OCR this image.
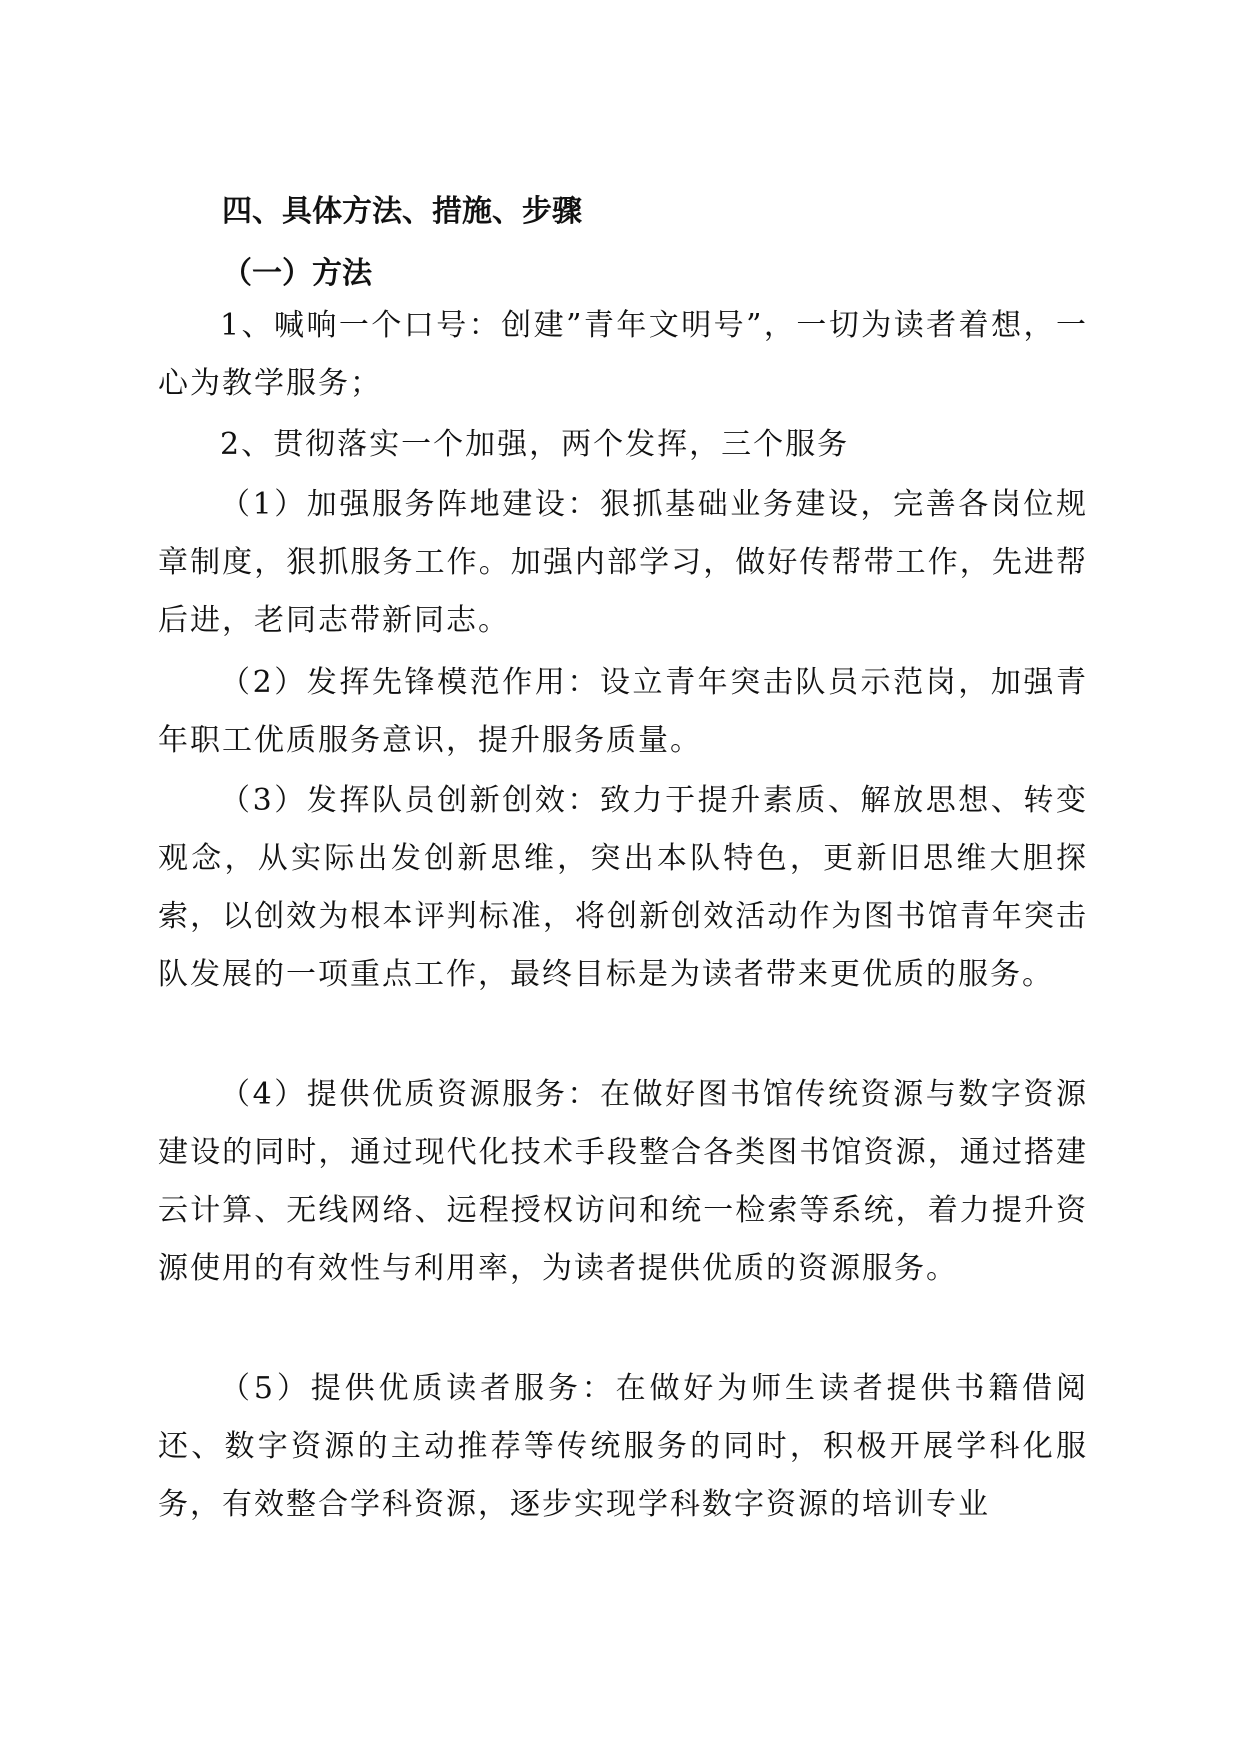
四、具体方法、措施、步骤
（一）方法

1、喊响一个口号：创建”青年文明号”，一切为读者着想，一心为教学服务；

2、贯彻落实一个加强，两个发挥，三个服务

（1）加强服务阵地建设：狠抓基础业务建设，完善各岗位规章制度，狠抓服务工作。加强内部学习，做好传帮带工作，先进帮后进，老同志带新同志。

（2）发挥先锋模范作用：设立青年突击队员示范岗，加强青年职工优质服务意识，提升服务质量。

（3）发挥队员创新创效：致力于提升素质、解放思想、转变观念，从实际出发创新思维，突出本队特色，更新旧思维大胆探索，以创效为根本评判标准，将创新创效活动作为图书馆青年突击队发展的一项重点工作，最终目标是为读者带来更优质的服务。

（4）提供优质资源服务：在做好图书馆传统资源与数字资源建设的同时，通过现代化技术手段整合各类图书馆资源，通过搭建云计算、无线网络、远程授权访问和统一检索等系统，着力提升资源使用的有效性与利用率，为读者提供优质的资源服务。

（5）提供优质读者服务：在做好为师生读者提供书籍借阅还、数字资源的主动推荐等传统服务的同时，积极开展学科化服务，有效整合学科资源，逐步实现学科数字资源的培训专业
